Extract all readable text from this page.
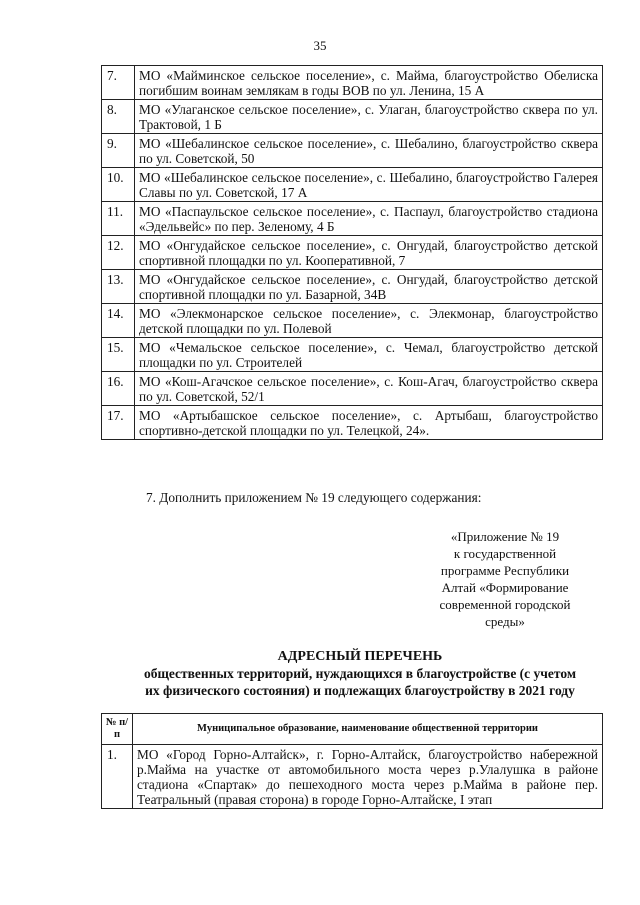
35
7.	МО «Майминское сельское поселение», с. Майма, благоустройство Обелиска погибшим воинам землякам в годы ВОВ по ул. Ленина, 15 А
8.	МО «Улаганское сельское поселение», с. Улаган, благоустройство сквера по ул. Трактовой, 1 Б
9.	МО «Шебалинское сельское поселение», с. Шебалино, благоустройство сквера по ул. Советской, 50
10.	МО «Шебалинское сельское поселение», с. Шебалино, благоустройство Галерея Славы по ул. Советской, 17 А
11.	МО «Паспаульское сельское поселение», с. Паспаул, благоустройство стадиона «Эдельвейс» по пер. Зеленому, 4 Б
12.	МО «Онгудайское сельское поселение», с. Онгудай, благоустройство детской спортивной площадки по ул. Кооперативной, 7
13.	МО «Онгудайское сельское поселение», с. Онгудай, благоустройство детской спортивной площадки по ул. Базарной, 34В
14.	МО «Элекмонарское сельское поселение», с. Элекмонар, благоустройство детской площадки по ул. Полевой
15.	МО «Чемальское сельское поселение», с. Чемал, благоустройство детской площадки по ул. Строителей
16.	МО «Кош-Агачское сельское поселение», с. Кош-Агач, благоустройство сквера по ул. Советской, 52/1
17.	МО «Артыбашское сельское поселение», с. Артыбаш, благоустройство спортивно-детской площадки по ул. Телецкой, 24».
7. Дополнить приложением № 19 следующего содержания:
«Приложение № 19
к государственной
программе Республики
Алтай «Формирование
современной городской
среды»
АДРЕСНЫЙ ПЕРЕЧЕНЬ
общественных территорий, нуждающихся в благоустройстве (с учетом
их физического состояния) и подлежащих благоустройству в 2021 году
№ п/п	Муниципальное образование, наименование общественной территории
1.	МО «Город Горно-Алтайск», г. Горно-Алтайск, благоустройство набережной р.Майма на участке от автомобильного моста через р.Улалушка в районе стадиона «Спартак» до пешеходного моста через р.Майма в районе пер. Театральный (правая сторона) в городе Горно-Алтайске, I этап
